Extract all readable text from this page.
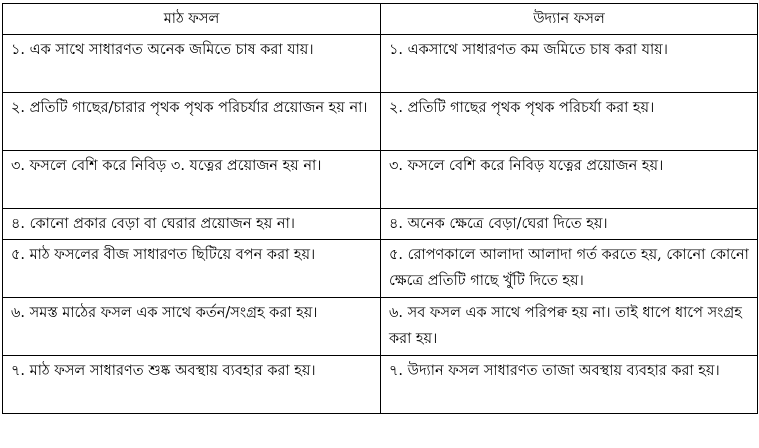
মাঠ ফসল	উদ্যান ফসল
১. এক সাথে সাধারণত অনেক জমিতে চাষ করা যায়।	১. একসাথে সাধারণত কম জমিতে চাষ করা যায়।
২. প্রতিটি গাছের/চারার পৃথক পৃথক পরিচর্যার প্রয়োজন হয় না।	২. প্রতিটি গাছের পৃথক পৃথক পরিচর্যা করা হয়।
৩. ফসলে বেশি করে নিবিড় ৩. যত্নের প্রয়োজন হয় না।	৩. ফসলে বেশি করে নিবিড় যত্নের প্রয়োজন হয়।
৪. কোনো প্রকার বেড়া বা ঘেরার প্রয়োজন হয় না।	৪. অনেক ক্ষেত্রে বেড়া/ঘেরা দিতে হয়।
৫. মাঠ ফসলের বীজ সাধারণত ছিটিয়ে বপন করা হয়।	৫. রোপণকালে আলাদা আলাদা গর্ত করতে হয়, কোনো কোনো ক্ষেত্রে প্রতিটি গাছে খুঁটি দিতে হয়।
৬. সমস্ত মাঠের ফসল এক সাথে কর্তন/সংগ্রহ করা হয়।	৬. সব ফসল এক সাথে পরিপক্ব হয় না। তাই ধাপে ধাপে সংগ্রহ করা হয়।
৭. মাঠ ফসল সাধারণত শুষ্ক অবস্থায় ব্যবহার করা হয়।	৭. উদ্যান ফসল সাধারণত তাজা অবস্থায় ব্যবহার করা হয়।
